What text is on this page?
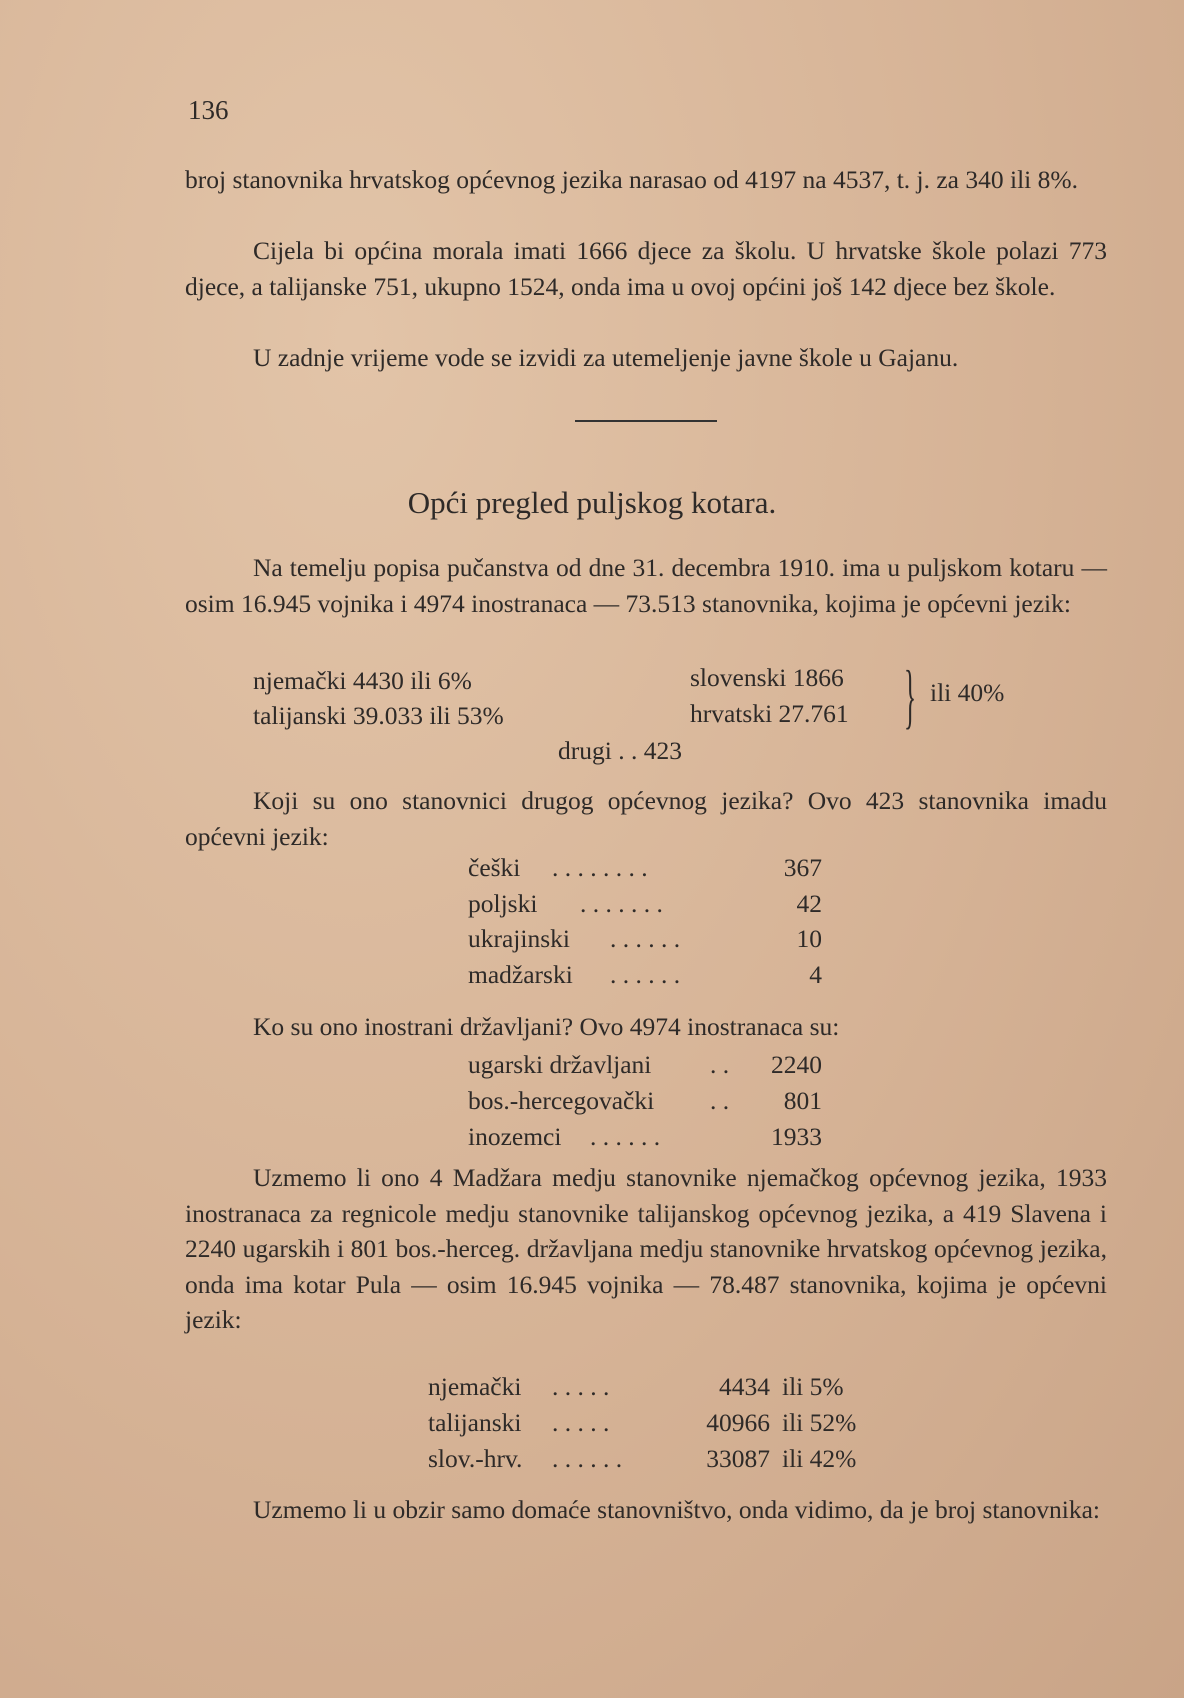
136

broj stanovnika hrvatskog općevnog jezika narasao od 4197 na 4537, t. j. za 340 ili 8%.

Cijela bi općina morala imati 1666 djece za školu. U hrvatske škole polazi 773 djece, a talijanske 751, ukupno 1524, onda ima u ovoj općini još 142 djece bez škole.

U zadnje vrijeme vode se izvidi za utemeljenje javne škole u Gajanu.

Opći pregled puljskog kotara.

Na temelju popisa pučanstva od dne 31. decembra 1910. ima u puljskom kotaru — osim 16.945 vojnika i 4974 inostranaca — 73.513 stanovnika, kojima je općevni jezik:

njemački 4430 ili 6%
talijanski 39.033 ili 53%
slovenski 1866
hrvatski 27.761 } ili 40%
drugi . . 423

Koji su ono stanovnici drugog općevnog jezika? Ovo 423 stanovnika imadu općevni jezik:

češki . . . . . . . .	367
poljski . . . . . . .	42
ukrajinski . . . . . .	10
madžarski . . . . . .	4

Ko su ono inostrani državljani? Ovo 4974 inostranaca su:

ugarski državljani . .	2240
bos.-hercegovački . .	801
inozemci . . . . . .	1933

Uzmemo li ono 4 Madžara medju stanovnike njemačkog općevnog jezika, 1933 inostranaca za regnicole medju stanovnike talijanskog općevnog jezika, a 419 Slavena i 2240 ugarskih i 801 bos.-herceg. državljana medju stanovnike hrvatskog općevnog jezika, onda ima kotar Pula — osim 16.945 vojnika — 78.487 stanovnika, kojima je općevni jezik:

njemački . . . . .	4434 ili 5%
talijanski . . . . .	40966 ili 52%
slov.-hrv. . . . . . .	33087 ili 42%

Uzmemo li u obzir samo domaće stanovništvo, onda vidimo, da je broj stanovnika:
